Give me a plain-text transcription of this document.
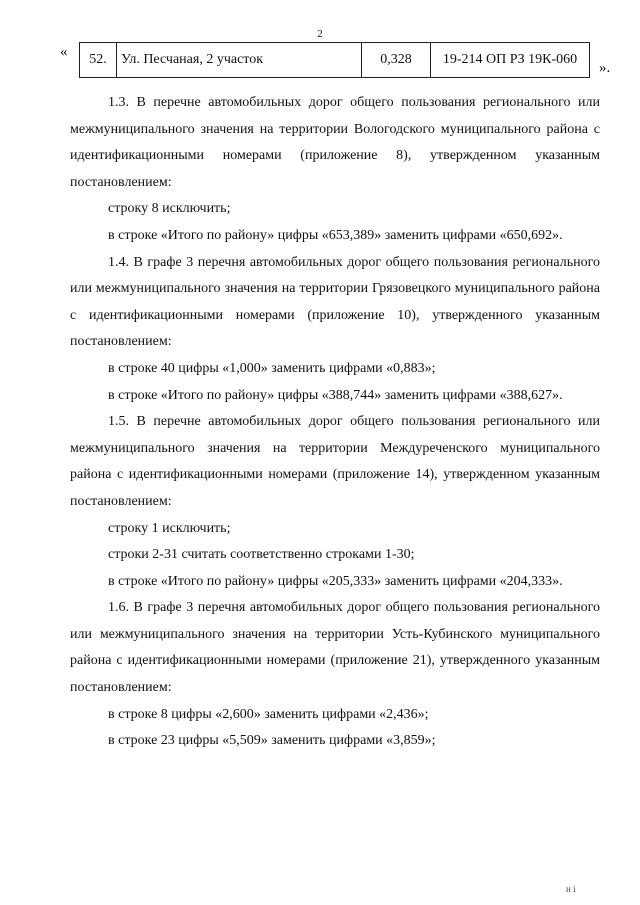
2
« 52.	Ул. Песчаная, 2 участок	0,328	19-214 ОП РЗ 19К-060
».

1.3. В перечне автомобильных дорог общего пользования регионального или межмуниципального значения на территории Вологодского муниципального района с идентификационными номерами (приложение 8), утвержденном указанным постановлением:

строку 8 исключить;

в строке «Итого по району» цифры «653,389» заменить цифрами «650,692».

1.4. В графе 3 перечня автомобильных дорог общего пользования регионального или межмуниципального значения на территории Грязовецкого муниципального района с идентификационными номерами (приложение 10), утвержденного указанным постановлением:

в строке 40 цифры «1,000» заменить цифрами «0,883»;

в строке «Итого по району» цифры «388,744» заменить цифрами «388,627».

1.5. В перечне автомобильных дорог общего пользования регионального или межмуниципального значения на территории Междуреченского муниципального района с идентификационными номерами (приложение 14), утвержденном указанным постановлением:

строку 1 исключить;

строки 2-31 считать соответственно строками 1-30;

в строке «Итого по району» цифры «205,333» заменить цифрами «204,333».

1.6. В графе 3 перечня автомобильных дорог общего пользования регионального или межмуниципального значения на территории Усть-Кубинского муниципального района с идентификационными номерами (приложение 21), утвержденного указанным постановлением:

в строке 8 цифры «2,600» заменить цифрами «2,436»;

в строке 23 цифры «5,509» заменить цифрами «3,859»;

н і
